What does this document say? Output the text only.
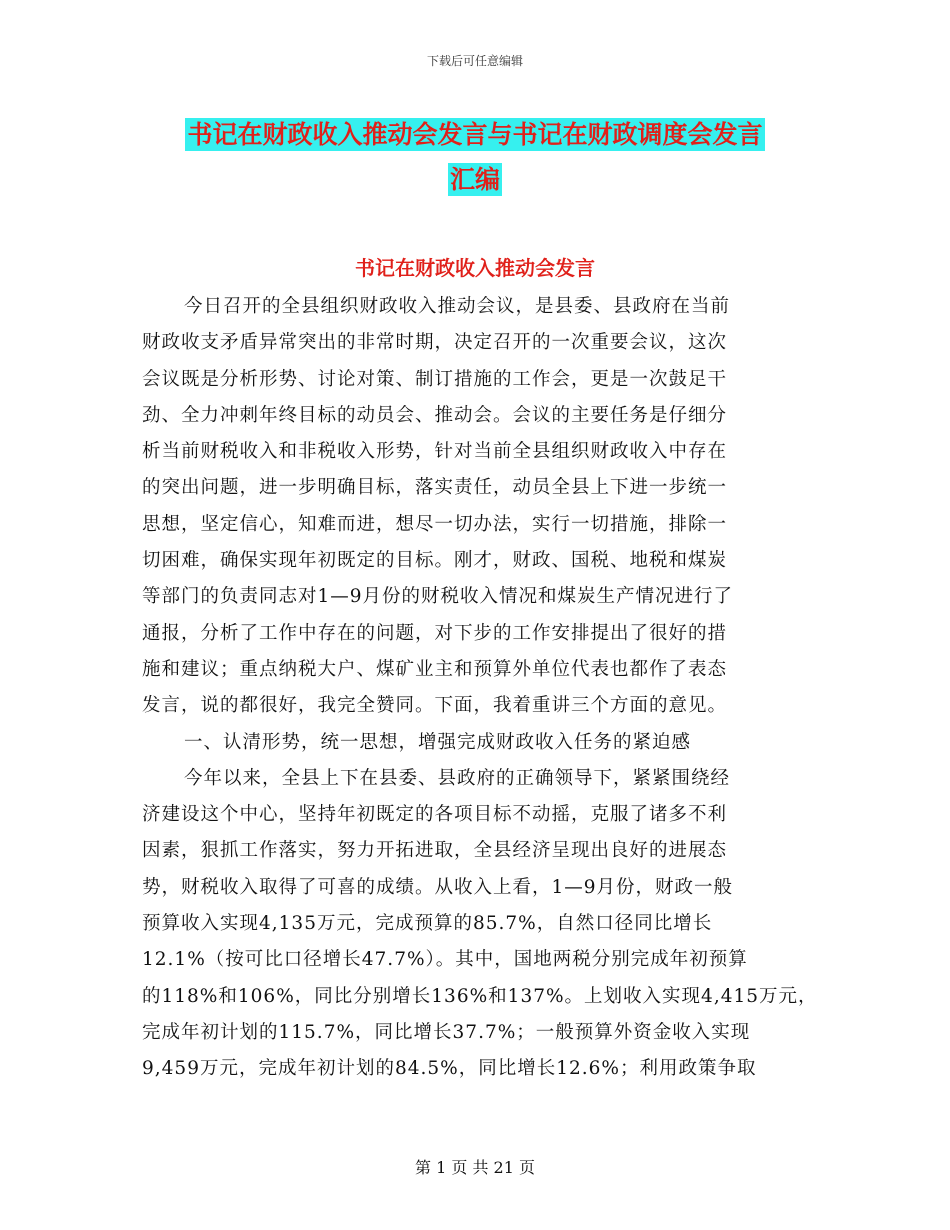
下载后可任意编辑
书记在财政收入推动会发言与书记在财政调度会发言
汇编
书记在财政收入推动会发言
今日召开的全县组织财政收入推动会议，是县委、县政府在当前
财政收支矛盾异常突出的非常时期，决定召开的一次重要会议，这次
会议既是分析形势、讨论对策、制订措施的工作会，更是一次鼓足干
劲、全力冲刺年终目标的动员会、推动会。会议的主要任务是仔细分
析当前财税收入和非税收入形势，针对当前全县组织财政收入中存在
的突出问题，进一步明确目标，落实责任，动员全县上下进一步统一
思想，坚定信心，知难而进，想尽一切办法，实行一切措施，排除一
切困难，确保实现年初既定的目标。刚才，财政、国税、地税和煤炭
等部门的负责同志对1—9月份的财税收入情况和煤炭生产情况进行了
通报，分析了工作中存在的问题，对下步的工作安排提出了很好的措
施和建议；重点纳税大户、煤矿业主和预算外单位代表也都作了表态
发言，说的都很好，我完全赞同。下面，我着重讲三个方面的意见。
一、认清形势，统一思想，增强完成财政收入任务的紧迫感
今年以来，全县上下在县委、县政府的正确领导下，紧紧围绕经
济建设这个中心，坚持年初既定的各项目标不动摇，克服了诸多不利
因素，狠抓工作落实，努力开拓进取，全县经济呈现出良好的进展态
势，财税收入取得了可喜的成绩。从收入上看，1—9月份，财政一般
预算收入实现4,135万元，完成预算的85.7%，自然口径同比增长
12.1%（按可比口径增长47.7%）。其中，国地两税分别完成年初预算
的118%和106%，同比分别增长136%和137%。上划收入实现4,415万元，
完成年初计划的115.7%，同比增长37.7%；一般预算外资金收入实现
9,459万元，完成年初计划的84.5%，同比增长12.6%；利用政策争取
第 1 页 共 21 页
